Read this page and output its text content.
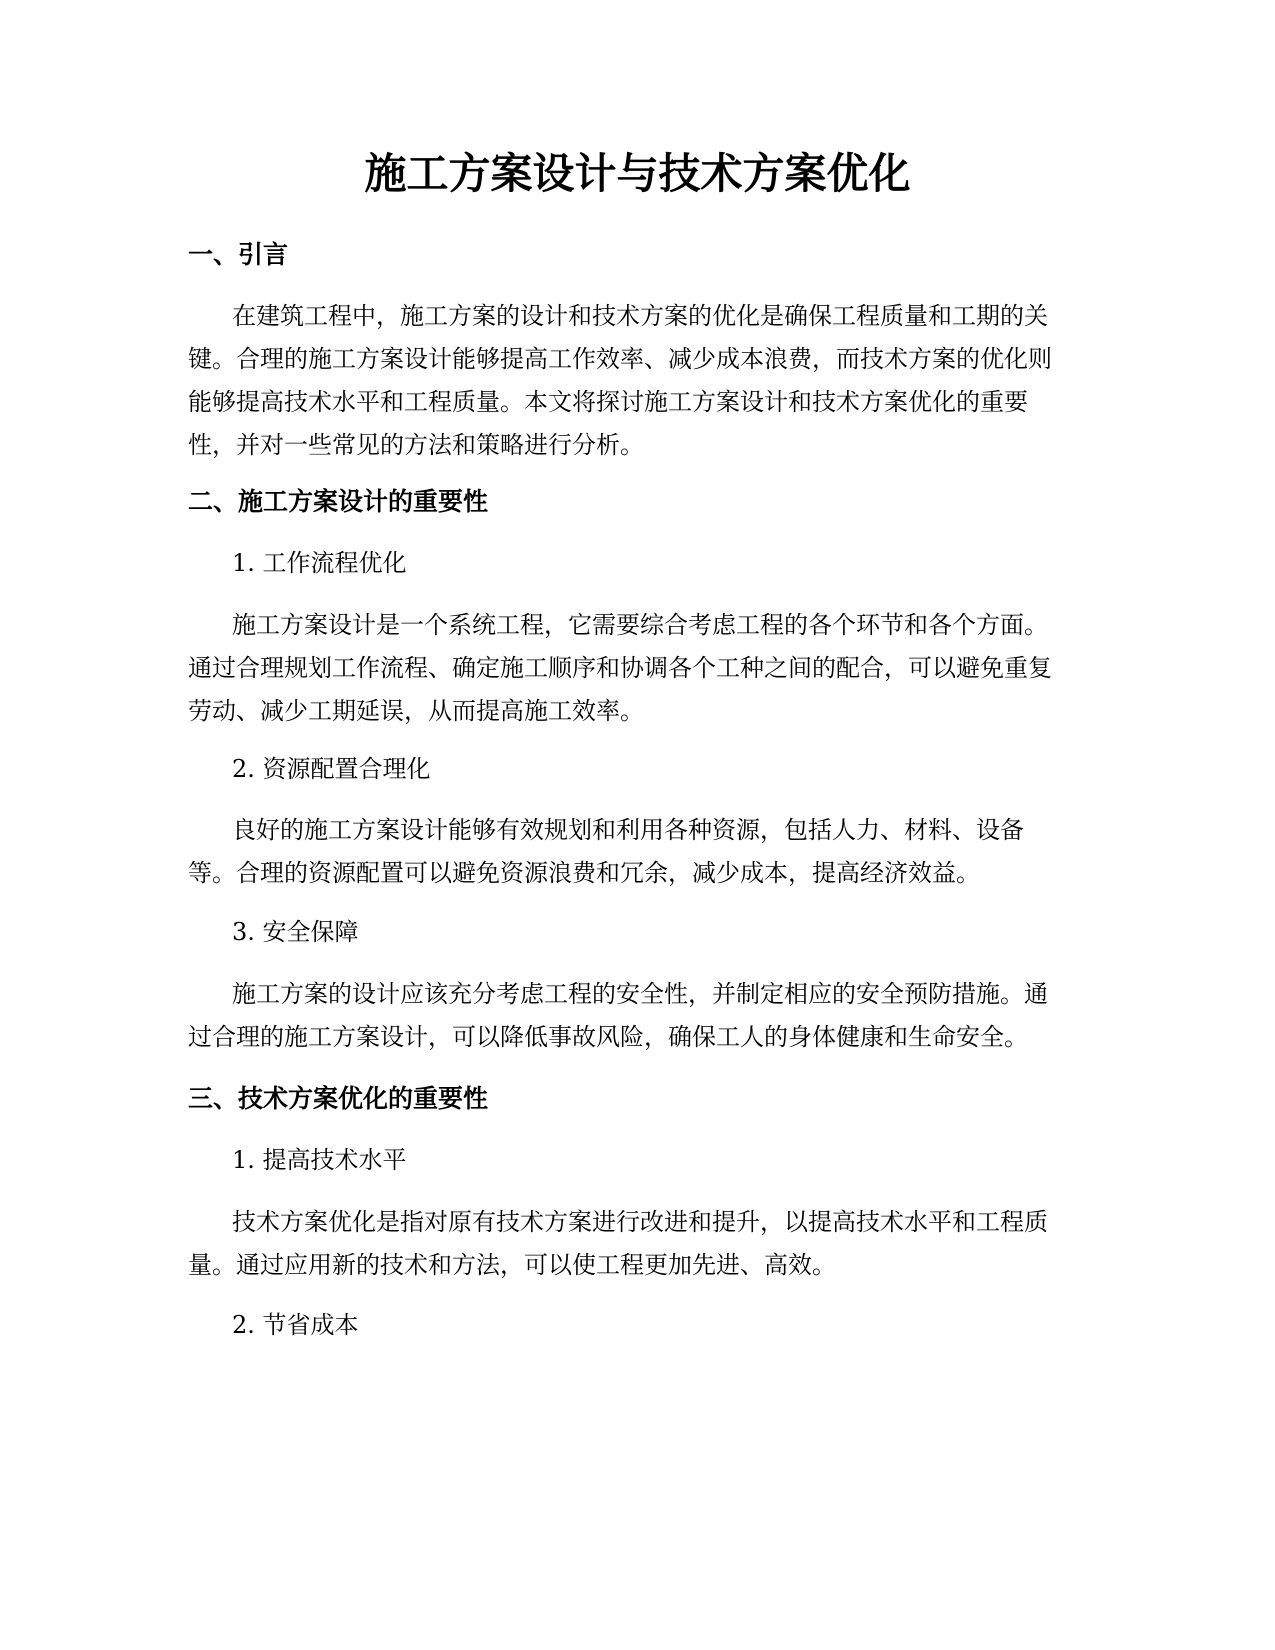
施工方案设计与技术方案优化
一、引言
在建筑工程中，施工方案的设计和技术方案的优化是确保工程质量和工期的关
键。合理的施工方案设计能够提高工作效率、减少成本浪费，而技术方案的优化则
能够提高技术水平和工程质量。本文将探讨施工方案设计和技术方案优化的重要
性，并对一些常见的方法和策略进行分析。
二、施工方案设计的重要性
1. 工作流程优化
施工方案设计是一个系统工程，它需要综合考虑工程的各个环节和各个方面。
通过合理规划工作流程、确定施工顺序和协调各个工种之间的配合，可以避免重复
劳动、减少工期延误，从而提高施工效率。
2. 资源配置合理化
良好的施工方案设计能够有效规划和利用各种资源，包括人力、材料、设备
等。合理的资源配置可以避免资源浪费和冗余，减少成本，提高经济效益。
3. 安全保障
施工方案的设计应该充分考虑工程的安全性，并制定相应的安全预防措施。通
过合理的施工方案设计，可以降低事故风险，确保工人的身体健康和生命安全。
三、技术方案优化的重要性
1. 提高技术水平
技术方案优化是指对原有技术方案进行改进和提升，以提高技术水平和工程质
量。通过应用新的技术和方法，可以使工程更加先进、高效。
2. 节省成本
